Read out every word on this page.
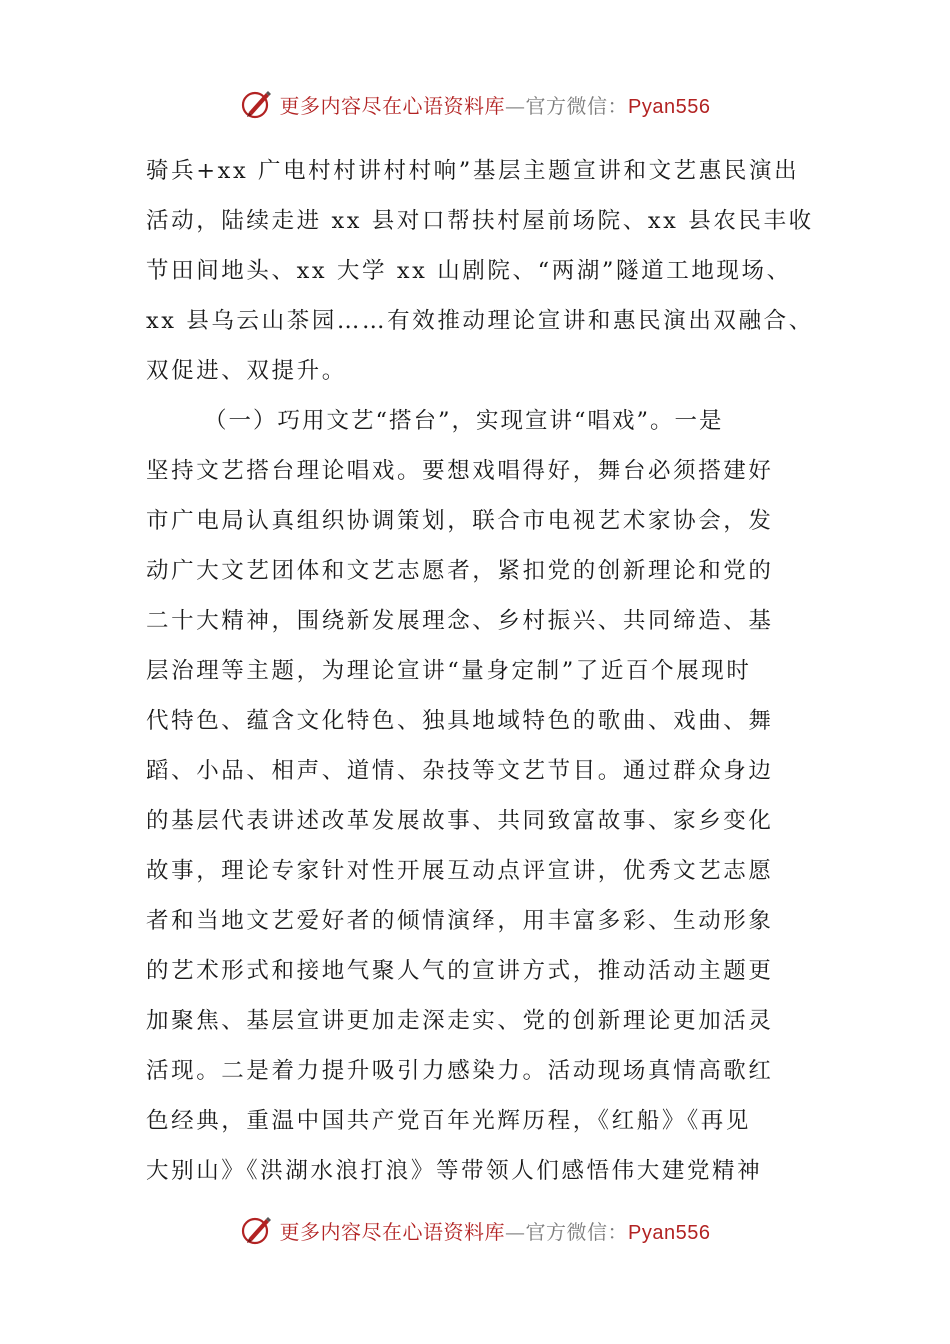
更多内容尽在心语资料库—官方微信：Pyan556
骑兵+xx 广电村村讲村村响”基层主题宣讲和文艺惠民演出
活动，陆续走进 xx 县对口帮扶村屋前场院、xx 县农民丰收
节田间地头、xx 大学 xx 山剧院、“两湖”隧道工地现场、
xx 县乌云山茶园……有效推动理论宣讲和惠民演出双融合、
双促进、双提升。
（一）巧用文艺“搭台”，实现宣讲“唱戏”。一是
坚持文艺搭台理论唱戏。要想戏唱得好，舞台必须搭建好
市广电局认真组织协调策划，联合市电视艺术家协会，发
动广大文艺团体和文艺志愿者，紧扣党的创新理论和党的
二十大精神，围绕新发展理念、乡村振兴、共同缔造、基
层治理等主题，为理论宣讲“量身定制”了近百个展现时
代特色、蕴含文化特色、独具地域特色的歌曲、戏曲、舞
蹈、小品、相声、道情、杂技等文艺节目。通过群众身边
的基层代表讲述改革发展故事、共同致富故事、家乡变化
故事，理论专家针对性开展互动点评宣讲，优秀文艺志愿
者和当地文艺爱好者的倾情演绎，用丰富多彩、生动形象
的艺术形式和接地气聚人气的宣讲方式，推动活动主题更
加聚焦、基层宣讲更加走深走实、党的创新理论更加活灵
活现。二是着力提升吸引力感染力。活动现场真情高歌红
色经典，重温中国共产党百年光辉历程，《红船》《再见
大别山》《洪湖水浪打浪》等带领人们感悟伟大建党精神
更多内容尽在心语资料库—官方微信：Pyan556
